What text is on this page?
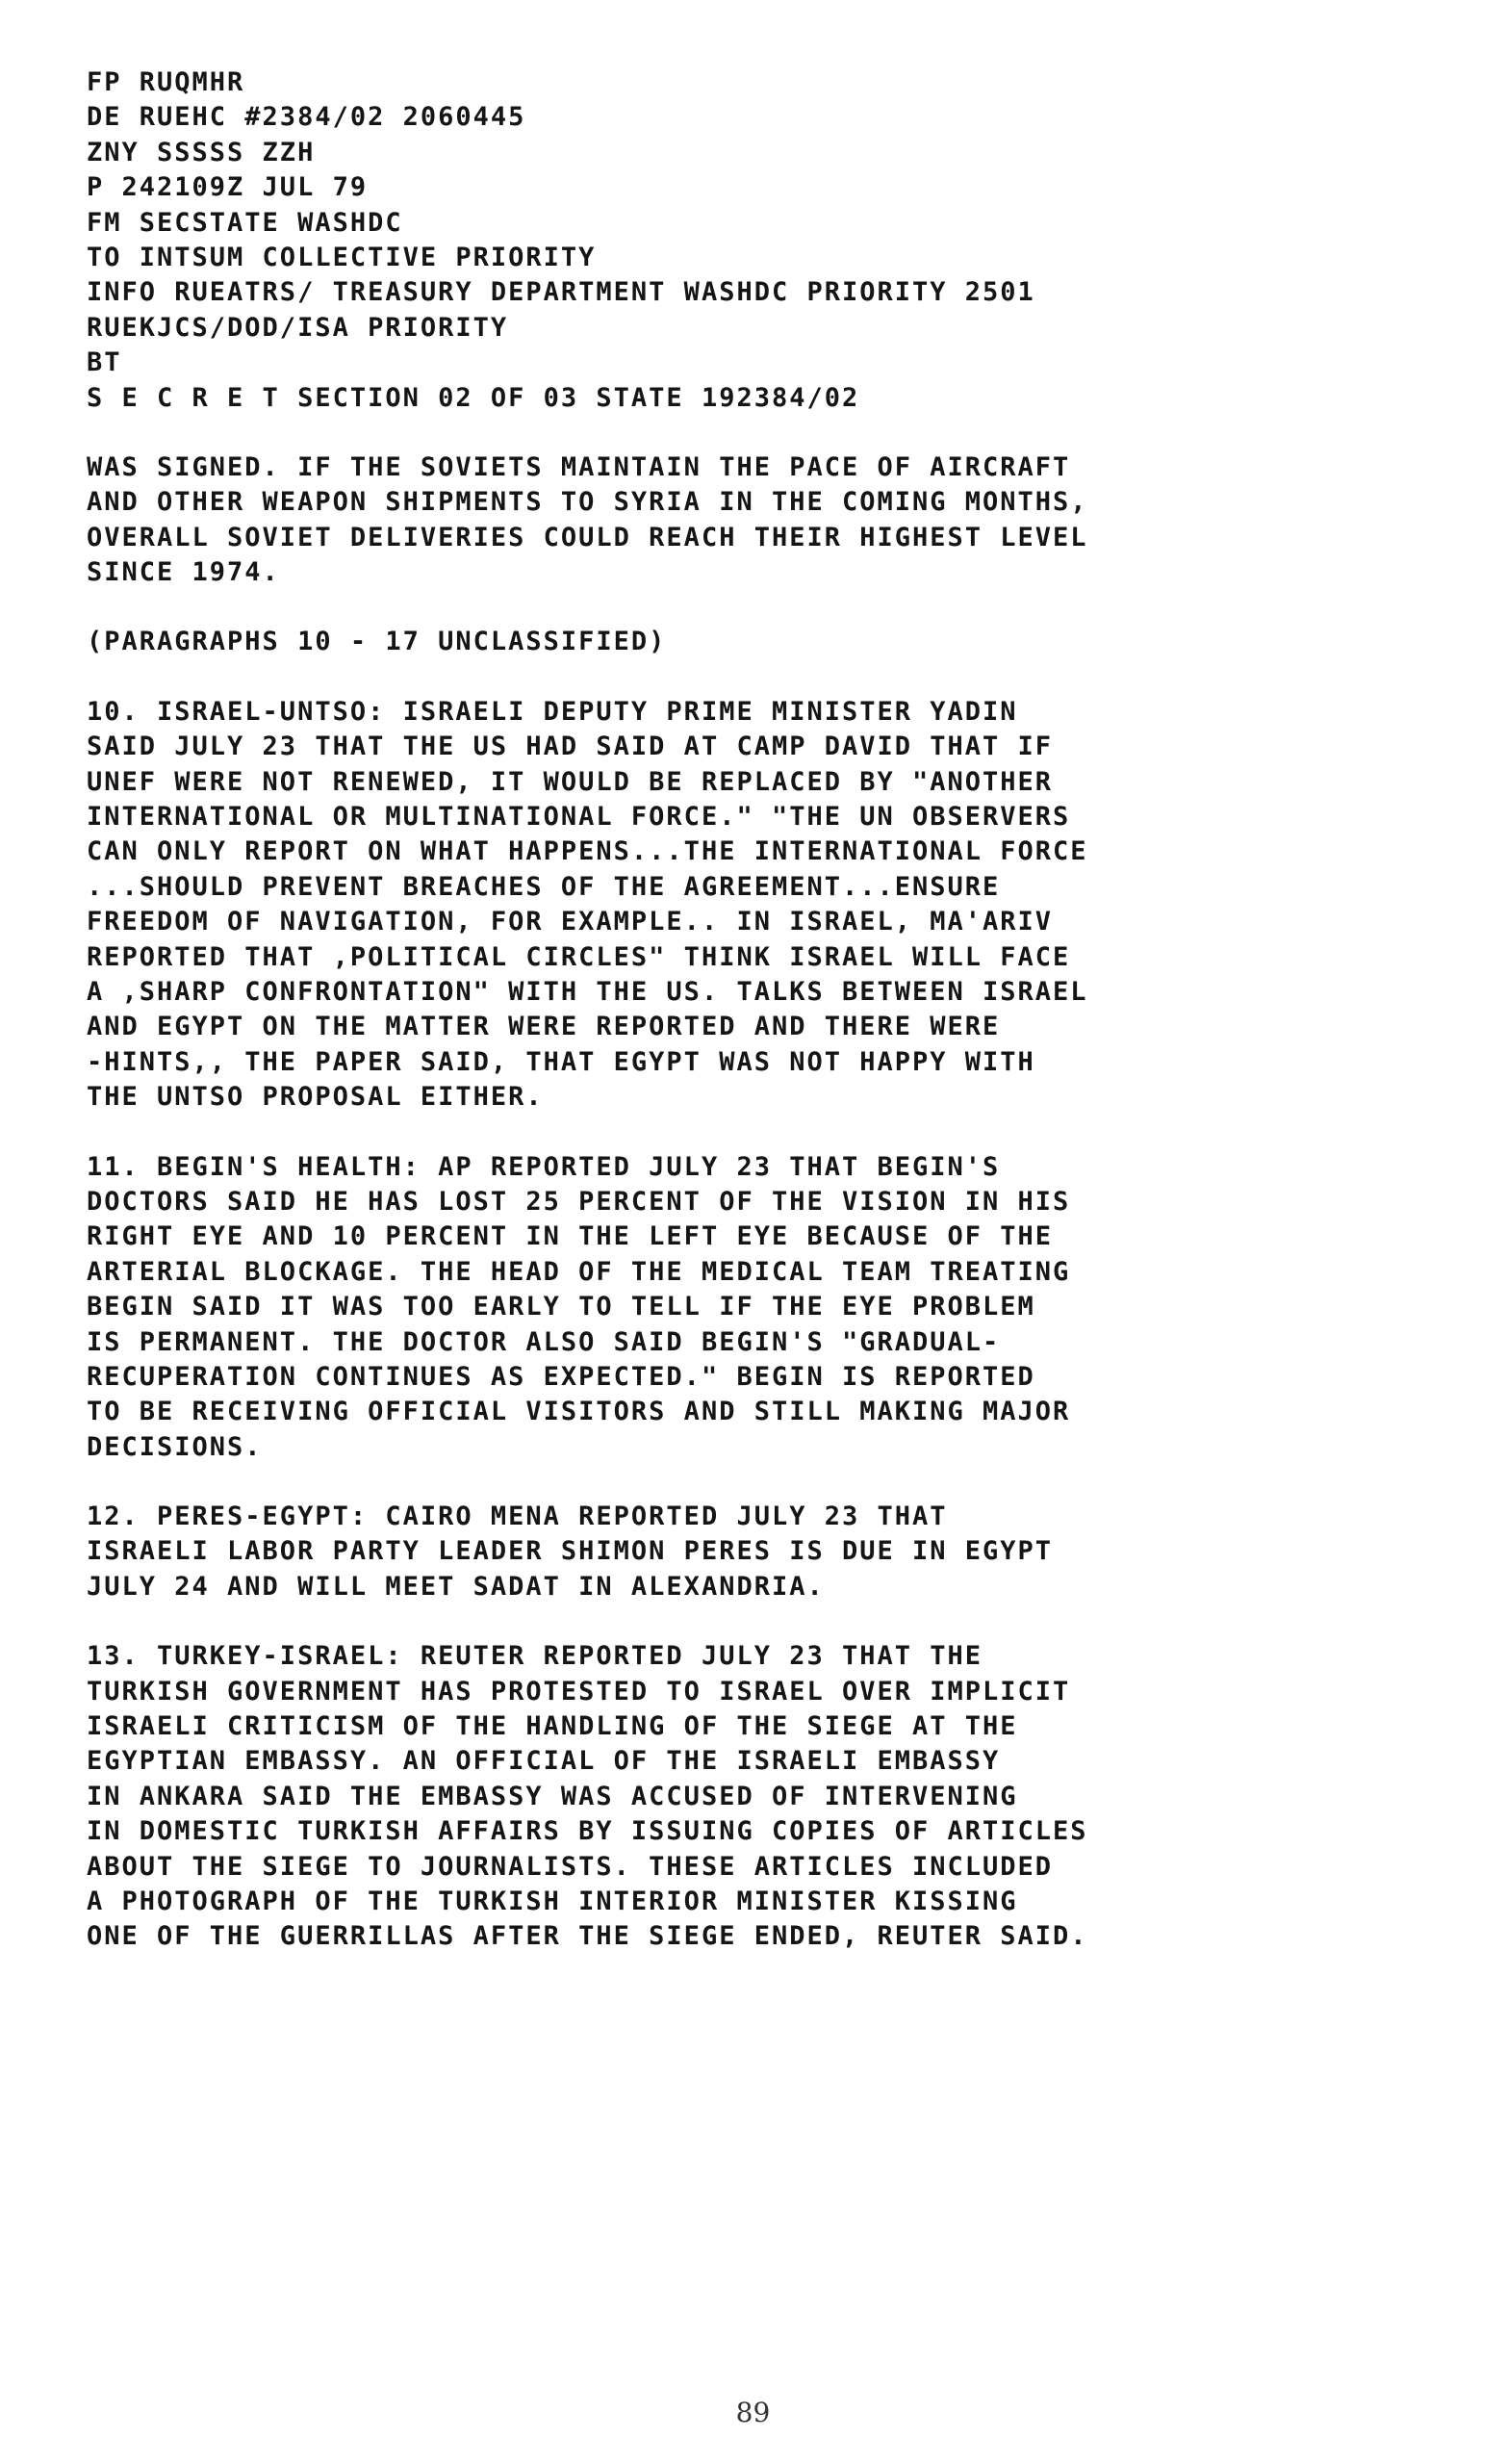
FP RUQMHR
DE RUEHC #2384/02 2060445
ZNY SSSSS ZZH
P 242109Z JUL 79
FM SECSTATE WASHDC
TO INTSUM COLLECTIVE PRIORITY
INFO RUEATRS/ TREASURY DEPARTMENT WASHDC PRIORITY 2501
RUEKJCS/DOD/ISA PRIORITY
BT
S E C R E T SECTION 02 OF 03 STATE 192384/02
WAS SIGNED. IF THE SOVIETS MAINTAIN THE PACE OF AIRCRAFT
AND OTHER WEAPON SHIPMENTS TO SYRIA IN THE COMING MONTHS,
OVERALL SOVIET DELIVERIES COULD REACH THEIR HIGHEST LEVEL
SINCE 1974.
(PARAGRAPHS 10 - 17 UNCLASSIFIED)
10. ISRAEL-UNTSO: ISRAELI DEPUTY PRIME MINISTER YADIN
SAID JULY 23 THAT THE US HAD SAID AT CAMP DAVID THAT IF
UNEF WERE NOT RENEWED, IT WOULD BE REPLACED BY "ANOTHER
INTERNATIONAL OR MULTINATIONAL FORCE." "THE UN OBSERVERS
CAN ONLY REPORT ON WHAT HAPPENS...THE INTERNATIONAL FORCE
...SHOULD PREVENT BREACHES OF THE AGREEMENT...ENSURE
FREEDOM OF NAVIGATION, FOR EXAMPLE.. IN ISRAEL, MA'ARIV
REPORTED THAT ,POLITICAL CIRCLES" THINK ISRAEL WILL FACE
A ,SHARP CONFRONTATION" WITH THE US. TALKS BETWEEN ISRAEL
AND EGYPT ON THE MATTER WERE REPORTED AND THERE WERE
-HINTS,, THE PAPER SAID, THAT EGYPT WAS NOT HAPPY WITH
THE UNTSO PROPOSAL EITHER.
11. BEGIN'S HEALTH: AP REPORTED JULY 23 THAT BEGIN'S
DOCTORS SAID HE HAS LOST 25 PERCENT OF THE VISION IN HIS
RIGHT EYE AND 10 PERCENT IN THE LEFT EYE BECAUSE OF THE
ARTERIAL BLOCKAGE. THE HEAD OF THE MEDICAL TEAM TREATING
BEGIN SAID IT WAS TOO EARLY TO TELL IF THE EYE PROBLEM
IS PERMANENT. THE DOCTOR ALSO SAID BEGIN'S "GRADUAL-
RECUPERATION CONTINUES AS EXPECTED." BEGIN IS REPORTED
TO BE RECEIVING OFFICIAL VISITORS AND STILL MAKING MAJOR
DECISIONS.
12. PERES-EGYPT: CAIRO MENA REPORTED JULY 23 THAT
ISRAELI LABOR PARTY LEADER SHIMON PERES IS DUE IN EGYPT
JULY 24 AND WILL MEET SADAT IN ALEXANDRIA.
13. TURKEY-ISRAEL: REUTER REPORTED JULY 23 THAT THE
TURKISH GOVERNMENT HAS PROTESTED TO ISRAEL OVER IMPLICIT
ISRAELI CRITICISM OF THE HANDLING OF THE SIEGE AT THE
EGYPTIAN EMBASSY. AN OFFICIAL OF THE ISRAELI EMBASSY
IN ANKARA SAID THE EMBASSY WAS ACCUSED OF INTERVENING
IN DOMESTIC TURKISH AFFAIRS BY ISSUING COPIES OF ARTICLES
ABOUT THE SIEGE TO JOURNALISTS. THESE ARTICLES INCLUDED
A PHOTOGRAPH OF THE TURKISH INTERIOR MINISTER KISSING
ONE OF THE GUERRILLAS AFTER THE SIEGE ENDED, REUTER SAID.
89
